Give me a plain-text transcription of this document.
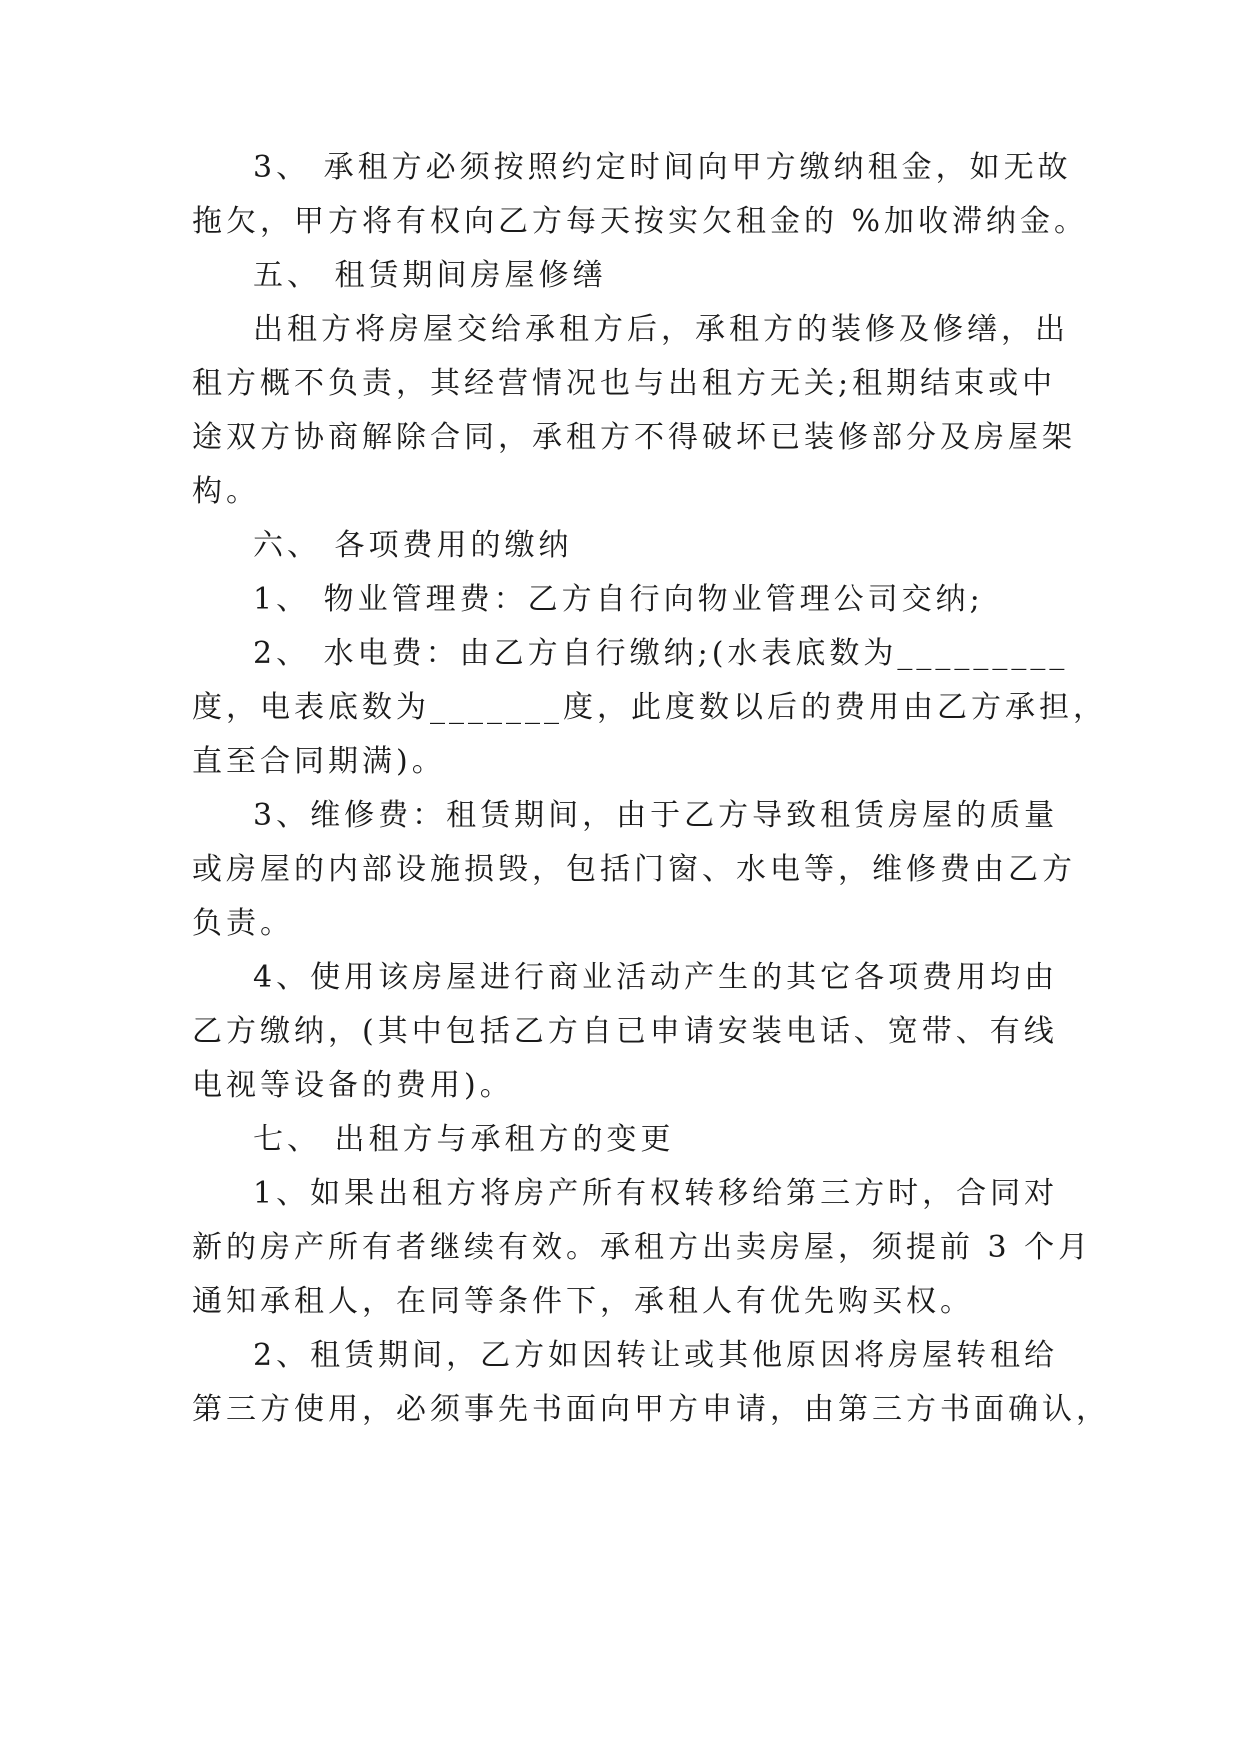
3、 承租方必须按照约定时间向甲方缴纳租金，如无故

拖欠，甲方将有权向乙方每天按实欠租金的 %加收滞纳金。

五、 租赁期间房屋修缮

出租方将房屋交给承租方后，承租方的装修及修缮，出

租方概不负责，其经营情况也与出租方无关;租期结束或中

途双方协商解除合同，承租方不得破坏已装修部分及房屋架

构。

六、 各项费用的缴纳

1、 物业管理费：乙方自行向物业管理公司交纳;

2、 水电费：由乙方自行缴纳;(水表底数为_________

度，电表底数为_______度，此度数以后的费用由乙方承担，

直至合同期满)。

3、维修费：租赁期间，由于乙方导致租赁房屋的质量

或房屋的内部设施损毁，包括门窗、水电等，维修费由乙方

负责。

4、使用该房屋进行商业活动产生的其它各项费用均由

乙方缴纳，(其中包括乙方自已申请安装电话、宽带、有线

电视等设备的费用)。

七、 出租方与承租方的变更

1、如果出租方将房产所有权转移给第三方时，合同对

新的房产所有者继续有效。承租方出卖房屋，须提前 3 个月

通知承租人，在同等条件下，承租人有优先购买权。

2、租赁期间，乙方如因转让或其他原因将房屋转租给

第三方使用，必须事先书面向甲方申请，由第三方书面确认，
